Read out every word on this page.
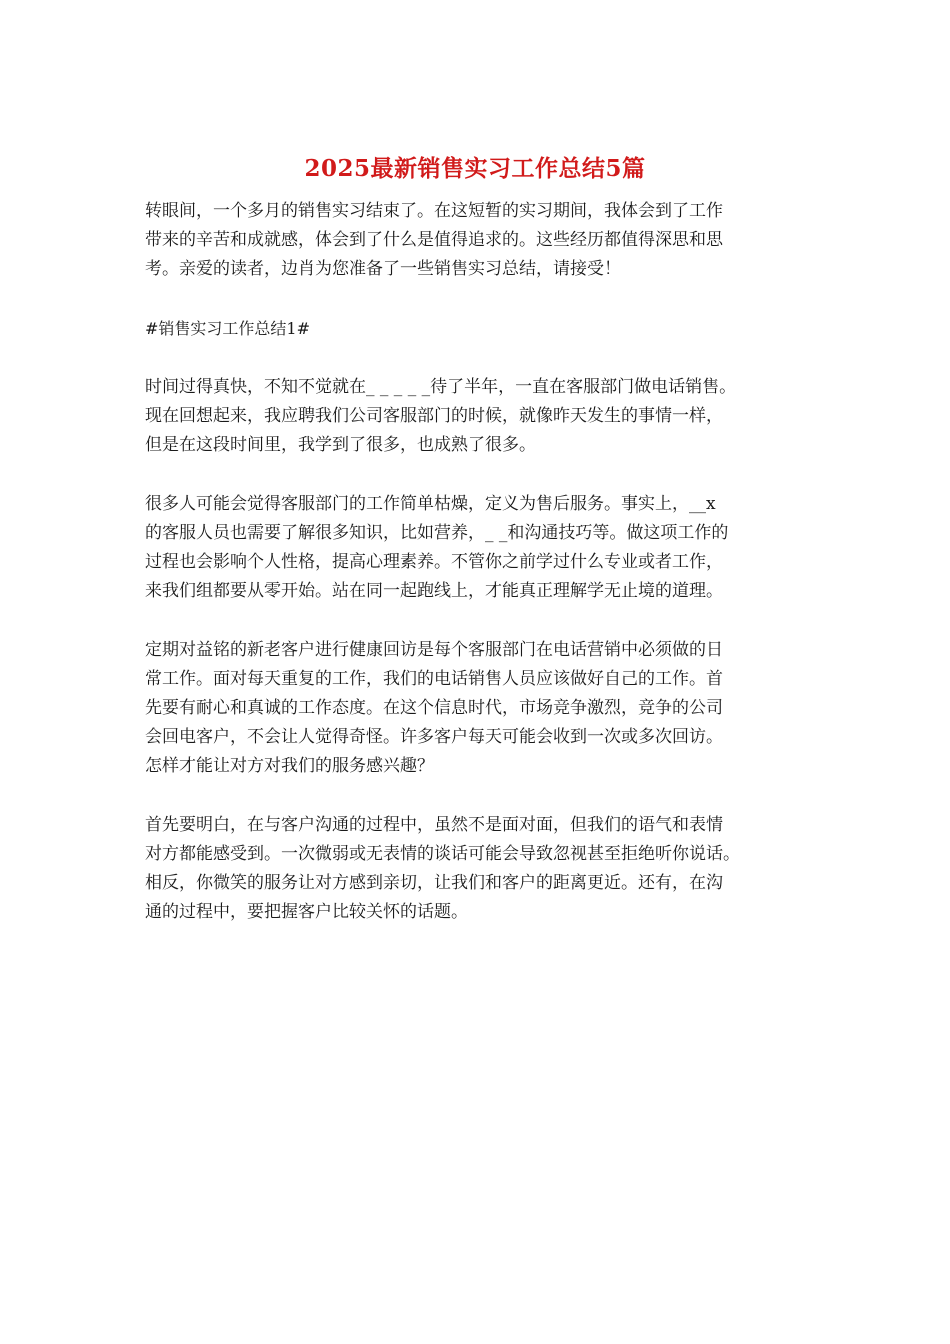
2025最新销售实习工作总结5篇
转眼间，一个多月的销售实习结束了。在这短暂的实习期间，我体会到了工作
带来的辛苦和成就感，体会到了什么是值得追求的。这些经历都值得深思和思
考。亲爱的读者，边肖为您准备了一些销售实习总结，请接受！
#销售实习工作总结1#
时间过得真快，不知不觉就在_ _ _ _ _待了半年，一直在客服部门做电话销售。
现在回想起来，我应聘我们公司客服部门的时候，就像昨天发生的事情一样，
但是在这段时间里，我学到了很多，也成熟了很多。
很多人可能会觉得客服部门的工作简单枯燥，定义为售后服务。事实上，__x
的客服人员也需要了解很多知识，比如营养，_ _和沟通技巧等。做这项工作的
过程也会影响个人性格，提高心理素养。不管你之前学过什么专业或者工作，
来我们组都要从零开始。站在同一起跑线上，才能真正理解学无止境的道理。
定期对益铭的新老客户进行健康回访是每个客服部门在电话营销中必须做的日
常工作。面对每天重复的工作，我们的电话销售人员应该做好自己的工作。首
先要有耐心和真诚的工作态度。在这个信息时代，市场竞争激烈，竞争的公司
会回电客户，不会让人觉得奇怪。许多客户每天可能会收到一次或多次回访。
怎样才能让对方对我们的服务感兴趣？
首先要明白，在与客户沟通的过程中，虽然不是面对面，但我们的语气和表情
对方都能感受到。一次微弱或无表情的谈话可能会导致忽视甚至拒绝听你说话。
相反，你微笑的服务让对方感到亲切，让我们和客户的距离更近。还有，在沟
通的过程中，要把握客户比较关怀的话题。
